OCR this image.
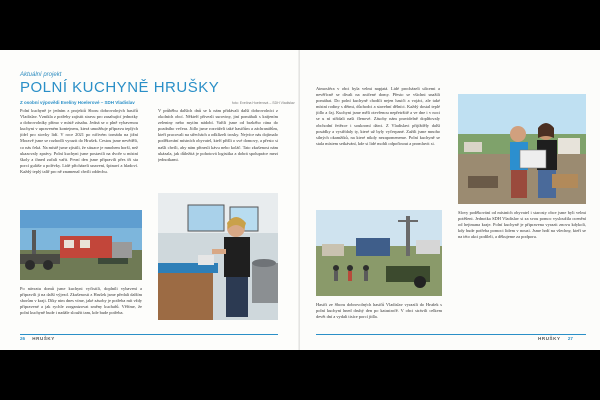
Aktuální projekt
POLNÍ KUCHYNĚ HRUŠKY
Z osobní výpovědi Evelíny Hoelerové – SDH Vladislav	foto: Evelína Hoelerová – SDH Vladislav
Polní kuchyně je jedním z projektů Sboru dobrovolných hasičů Vladislav. Vznikla z potřeby zajistit stravu pro zasahující jednotky a dobrovolníky přímo v místě zásahu. Jedná se o plně vybavenou kuchyni v upraveném kontejneru, která umožňuje přípravu teplých jídel pro stovky lidí. V roce 2021 po ničivém tornádu na jižní Moravě jsme se rozhodli vyrazit do Hrušek. Cestou jsme nevěděli, co nás čeká. Na místě jsme zjistili, že situace je mnohem horší, než ukazovaly zprávy. Polní kuchyni jsme postavili na dvoře u místní školy a ihned začali vařit. První den jsme připravili přes tři sta porcí guláše a polévky. Lidé přicházeli unavení, špinaví a hladoví. Každý teplý talíř pro ně znamenal chvíli oddechu.
V průběhu dalších dnů se k nám přidávali další dobrovolníci z okolních obcí. Někteří přivezli suroviny, jiní pomáhali s krájením zeleniny nebo mytím nádobí. Vařili jsme od brzkého rána do pozdního večera. Jídlo jsme rozváželi také hasičům a záchranářům, kteří pracovali na střechách a odklízeli trosky. Nejvíce nás dojímalo poděkování místních obyvatel, kteří přišli o své domovy, a přesto si našli chvíli, aby nám přinesli kávu nebo koláč. Tato zkušenost nám ukázala, jak důležitá je pohotová logistika a dobrá spolupráce mezi jednotkami.
Po návratu domů jsme kuchyni vyčistili, doplnili vybavení a připravili ji na další výjezd. Zkušenosti z Hrušek jsme předali dalším sborům v kraji. Díky nim dnes víme, jaké zásoby je potřeba mít vždy připravené a jak rychle zorganizovat směny kuchařů. Věříme, že polní kuchyně bude i nadále sloužit tam, kde bude potřeba.
26 HRUŠKY
Atmosféra v obci byla velmi napjatá. Lidé procházeli ulicemi a nevěřícně se dívali na zničené domy. Přesto se všichni snažili pomáhat. Do polní kuchyně chodili nejen hasiči a vojáci, ale také místní rodiny s dětmi, důchodci a stavební dělníci. Každý dostal teplé jídlo a čaj. Kuchyni jsme měli otevřenou nepřetržitě a ve dne i v noci se u ní střídali naši členové. Zásoby nám pravidelně doplňovaly obchodní řetězce i soukromí dárci. Z Vladislavi přijížděly další posádky a vystřídaly ty, které už byly vyčerpané. Zažili jsme mnoho silných okamžiků, na které nikdy nezapomeneme. Polní kuchyně se stala místem setkávání, kde si lidé mohli odpočinout a promluvit si.
Slovy poděkování od místních obyvatel i starosty obce jsme byli velmi potěšeni. Jednotka SDH Vladislav si za svou pomoc vysloužila ocenění od hejtmana kraje. Polní kuchyně je připravena vyrazit znovu kdykoli, kdy bude potřeba pomoci lidem v nouzi. Jsme hrdí na všechny, kteří se na této akci podíleli, a děkujeme za podporu.
Hasiči ze Sboru dobrovolných hasičů Vladislav vyrazili do Hrušek s polní kuchyní hned druhý den po katastrofě. V obci strávili celkem devět dní a vydali tisíce porcí jídla.
HRUŠKY 27
